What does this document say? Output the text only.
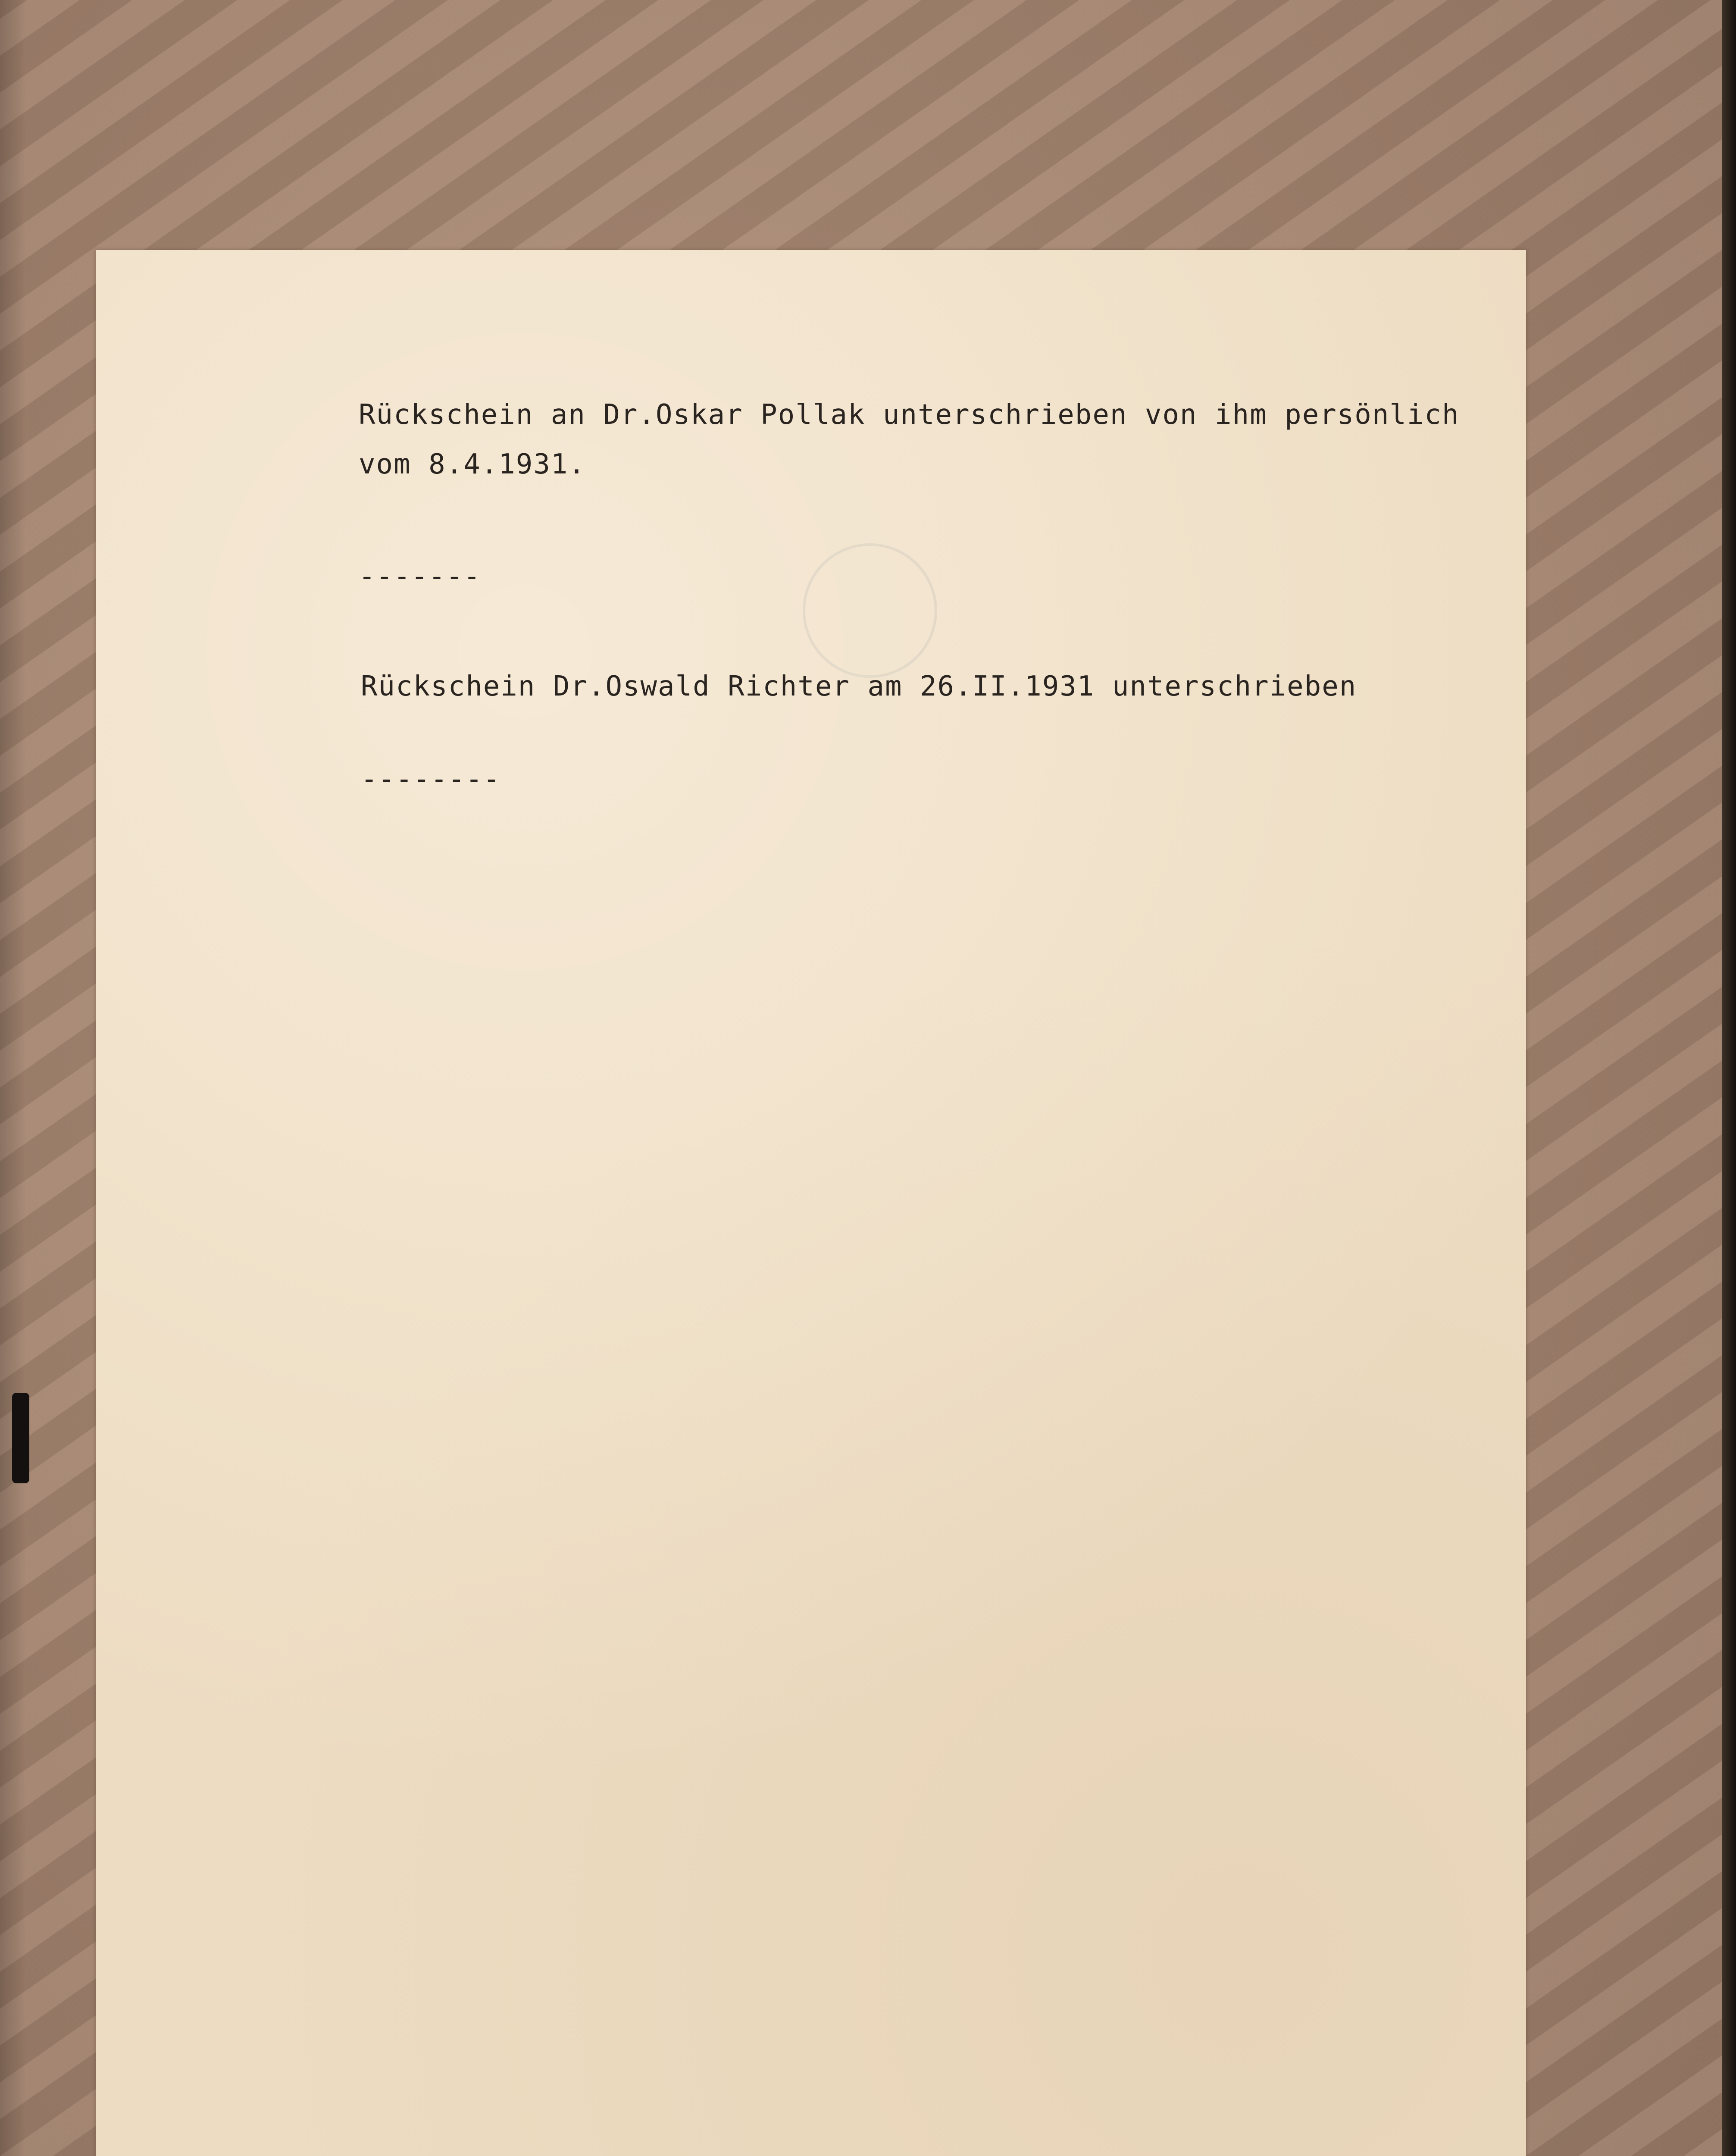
Rückschein an Dr.Oskar Pollak unterschrieben von ihm persönlich
vom 8.4.1931.
-------
Rückschein Dr.Oswald Richter am 26.II.1931 unterschrieben
--------
